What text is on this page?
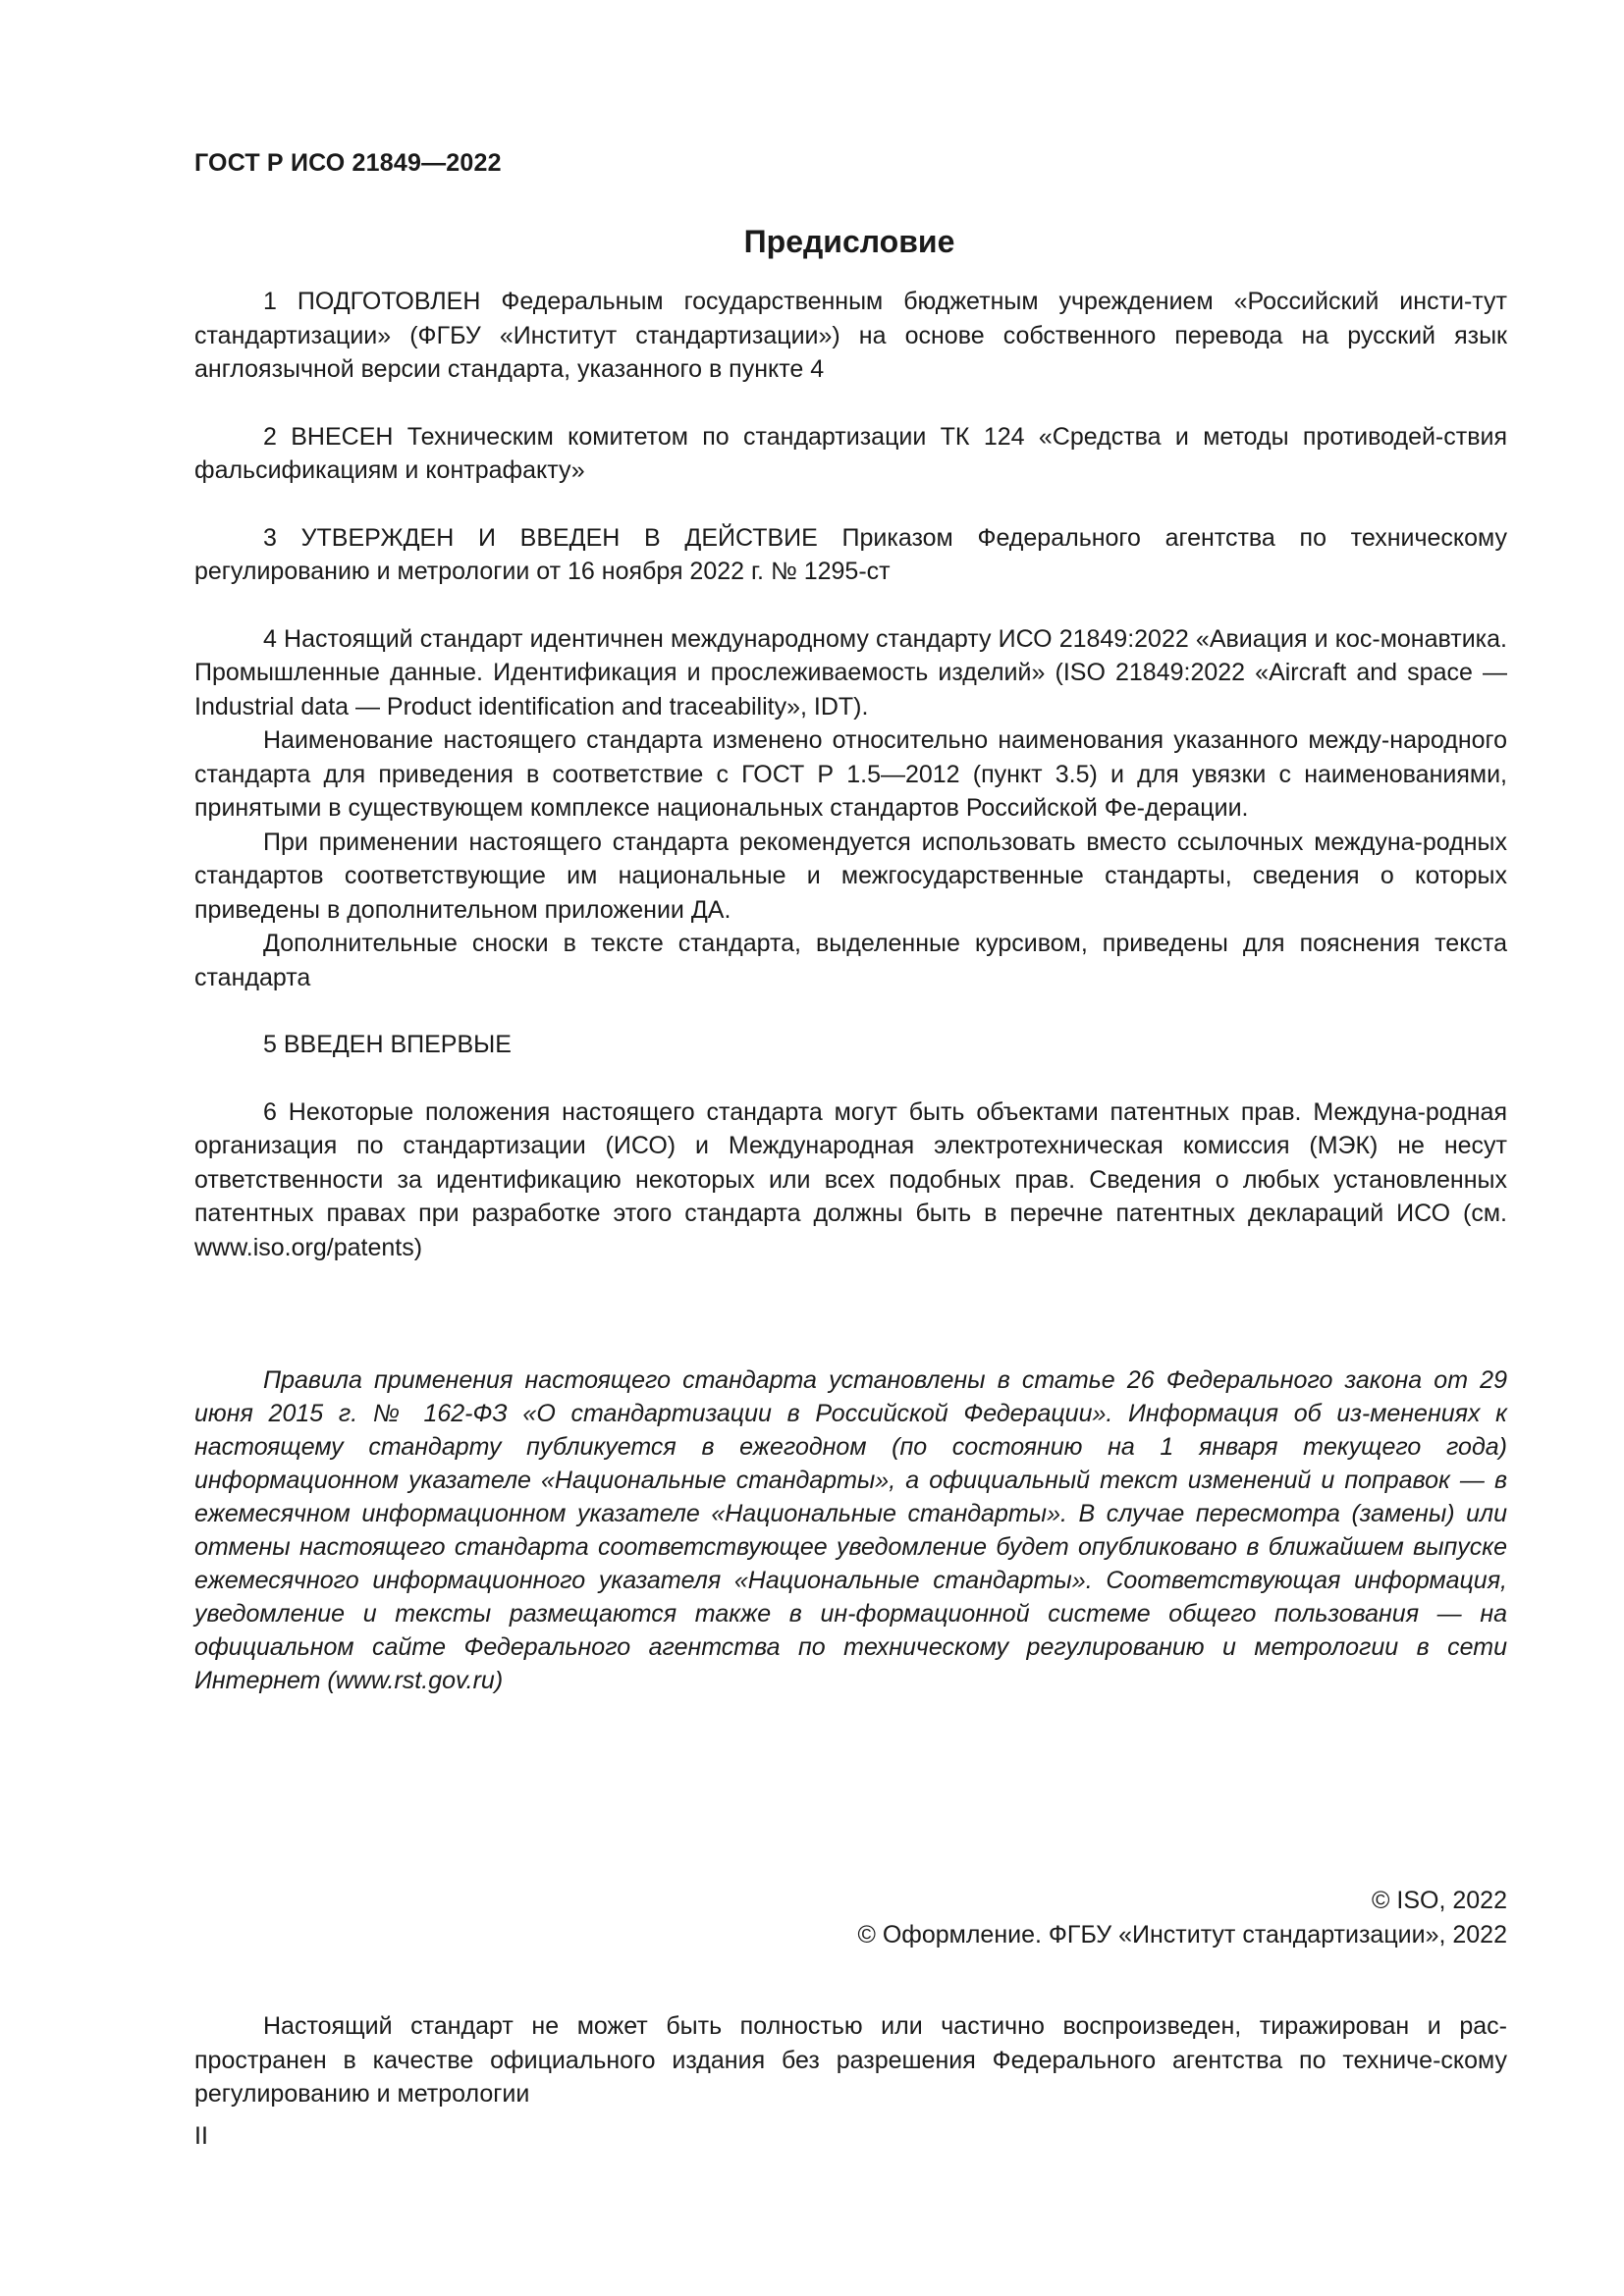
ГОСТ Р ИСО 21849—2022
Предисловие

1 ПОДГОТОВЛЕН Федеральным государственным бюджетным учреждением «Российский инсти-тут стандартизации» (ФГБУ «Институт стандартизации») на основе собственного перевода на русский язык англоязычной версии стандарта, указанного в пункте 4

2 ВНЕСЕН Техническим комитетом по стандартизации ТК 124 «Средства и методы противодей-ствия фальсификациям и контрафакту»

3 УТВЕРЖДЕН И ВВЕДЕН В ДЕЙСТВИЕ Приказом Федерального агентства по техническому регулированию и метрологии от 16 ноября 2022 г. № 1295-ст

4 Настоящий стандарт идентичнен международному стандарту ИСО 21849:2022 «Авиация и кос-монавтика. Промышленные данные. Идентификация и прослеживаемость изделий» (ISO 21849:2022 «Aircraft and space — Industrial data — Product identification and traceability», IDT).

Наименование настоящего стандарта изменено относительно наименования указанного между-народного стандарта для приведения в соответствие с ГОСТ Р 1.5—2012 (пункт 3.5) и для увязки с наименованиями, принятыми в существующем комплексе национальных стандартов Российской Фе-дерации.

При применении настоящего стандарта рекомендуется использовать вместо ссылочных междуна-родных стандартов соответствующие им национальные и межгосударственные стандарты, сведения о которых приведены в дополнительном приложении ДА.

Дополнительные сноски в тексте стандарта, выделенные курсивом, приведены для пояснения текста стандарта

5 ВВЕДЕН ВПЕРВЫЕ

6 Некоторые положения настоящего стандарта могут быть объектами патентных прав. Междуна-родная организация по стандартизации (ИСО) и Международная электротехническая комиссия (МЭК) не несут ответственности за идентификацию некоторых или всех подобных прав. Сведения о любых установленных патентных правах при разработке этого стандарта должны быть в перечне патентных деклараций ИСО (см. www.iso.org/patents)

Правила применения настоящего стандарта установлены в статье 26 Федерального закона от 29 июня 2015 г. № 162-ФЗ «О стандартизации в Российской Федерации». Информация об из-менениях к настоящему стандарту публикуется в ежегодном (по состоянию на 1 января текущего года) информационном указателе «Национальные стандарты», а официальный текст изменений и поправок — в ежемесячном информационном указателе «Национальные стандарты». В случае пересмотра (замены) или отмены настоящего стандарта соответствующее уведомление будет опубликовано в ближайшем выпуске ежемесячного информационного указателя «Национальные стандарты». Соответствующая информация, уведомление и тексты размещаются также в ин-формационной системе общего пользования — на официальном сайте Федерального агентства по техническому регулированию и метрологии в сети Интернет (www.rst.gov.ru)

© ISO, 2022
© Оформление. ФГБУ «Институт стандартизации», 2022

Настоящий стандарт не может быть полностью или частично воспроизведен, тиражирован и рас-пространен в качестве официального издания без разрешения Федерального агентства по техниче-скому регулированию и метрологии

II
